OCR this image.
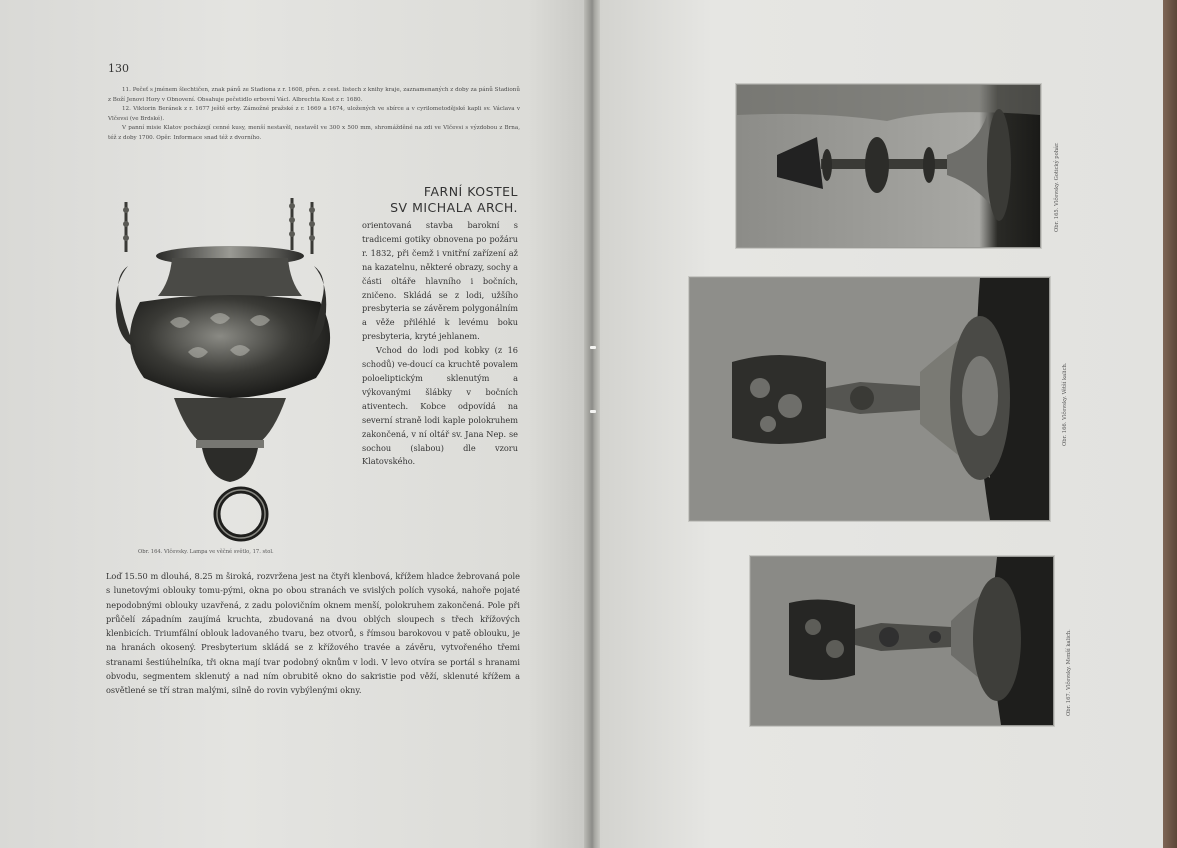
130

11. Pečeť s jménem šlechtičen, znak pánů ze Stadiona z r. 1608, přen. z cest. listech z knihy kraje, zaznamenaných z doby za pánů Stadionů z Boží Jenovi Hory v Obnovení. Obsahuje pečetidlo erbovní Václ. Albrechta Kost z r. 1680.

12. Viktorin Beránek z r. 1677 ještě erby. Zámožné pražské z r. 1669 a 1674, uložených ve sbírce a v cyrilometodějské kapli sv. Václava v Vlčevsi (ve Brdské).

V panní misie Klatov pocházejí cenné kusy, menší nestavěl, nestavěl ve 300 x 500 mm, shromážděné na zdi ve Vlčevsi s výzdobou z Brna, též z doby 1700. Opěr. Informace snad též z dvorního.

Obr. 164. Vlčevsky. Lampa ve věčné světlo, 17. stol.
FARNÍ KOSTEL
SV MICHALA ARCH.

orientovaná stavba barokní s tradicemi gotiky obnovena po požáru r. 1832, při čemž i vnitřní zařízení až na kazatelnu, některé obrazy, sochy a části oltáře hlavního i bočních, zničeno. Skládá se z lodi, užšího presbyteria se závěrem polygonálním a věže přiléhlé k levému boku presbyteria, kryté jehlanem.

Vchod do lodi pod kobky (z 16 schodů) ve-doucí ca kruchtě povalem poloeliptickým sklenutým a výkovanými šlábky v bočních ativentech. Kobce odpovídá na severní straně lodi kaple polokruhem zakončená, v ní oltář sv. Jana Nep. se sochou (slabou) dle vzoru Klatovského.

Loď 15.50 m dlouhá, 8.25 m široká, rozvržena jest na čtyři klenbová, křížem hladce žebrovaná pole s lunetovými oblouky tomu-pými, okna po obou stranách ve svislých polích vysoká, nahoře pojaté nepodobnými oblouky uzavřená, z zadu polovičním oknem menší, polokruhem zakončená. Pole při průčelí západním zaujímá kruchta, zbudovaná na dvou oblých sloupech s třech křížových klenbicích. Triumfální oblouk ladovaného tvaru, bez otvorů, s římsou barokovou v patě oblouku, je na hranách okosený. Presbyterium skládá se z křížového travée a závěru, vytvořeného třemi stranami šestiúhelníka, tři okna mají tvar podobný oknům v lodi. V levo otvíra se portál s hranami obvodu, segmentem sklenutý a nad ním obrubitě okno do sakristie pod věží, sklenuté křížem a osvětlené se tří stran malými, silně do rovin vybýlenými okny.
Obr. 165. Vlčevsky. Gotický pohár.
Obr. 166. Vlčevsky. Větší kalich.
Obr. 167. Vlčevsky. Menší kalich.
